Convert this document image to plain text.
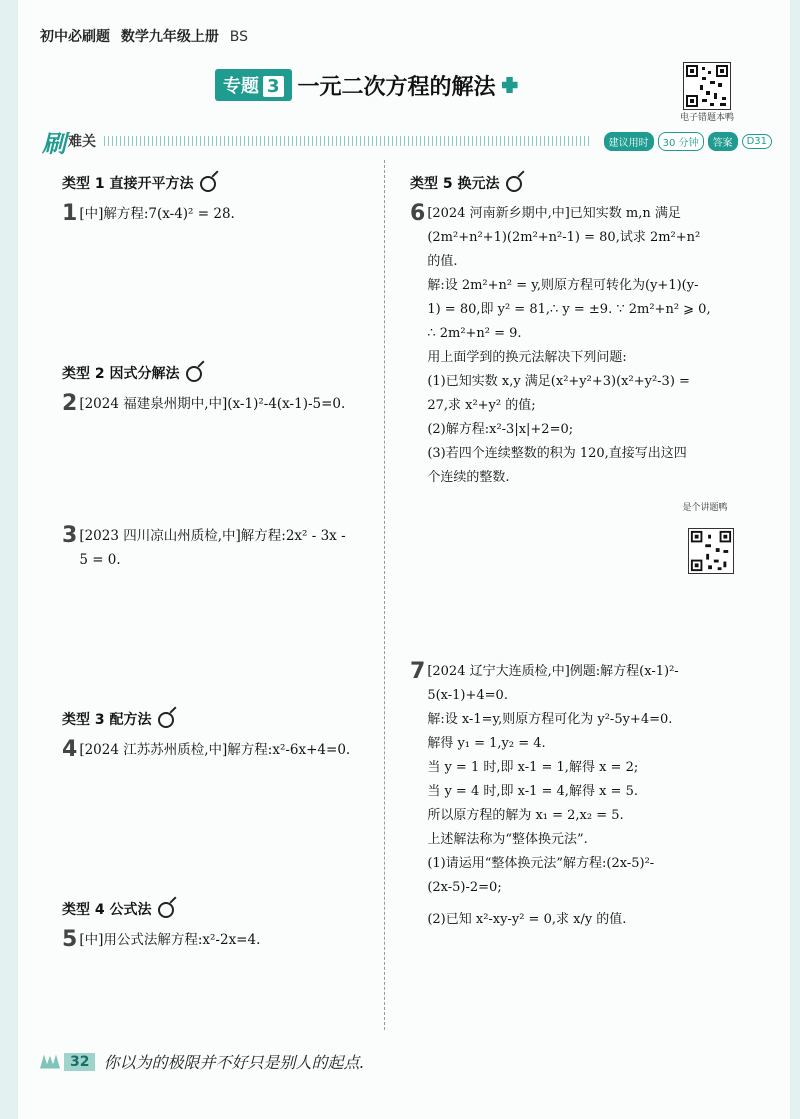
初中必刷题 数学九年级上册 BS
专题 3 一元二次方程的解法
电子错题本鸭
刷 难关	建议用时	30 分钟	答案	D31
类型 1 直接开平方法
1 [中]解方程:7(x-4)² = 28.
类型 2 因式分解法
2 [2024 福建泉州期中,中](x-1)²-4(x-1)-5=0.
3 [2023 四川凉山州质检,中]解方程:2x² - 3x -
5 = 0.
类型 3 配方法
4 [2024 江苏苏州质检,中]解方程:x²-6x+4=0.
类型 4 公式法
5 [中]用公式法解方程:x²-2x=4.
类型 5 换元法
6 [2024 河南新乡期中,中]已知实数 m,n 满足
(2m²+n²+1)(2m²+n²-1) = 80,试求 2m²+n²
的值.
解:设 2m²+n² = y,则原方程可转化为(y+1)(y-
1) = 80,即 y² = 81,∴ y = ±9. ∵ 2m²+n² ⩾ 0,
∴ 2m²+n² = 9.
用上面学到的换元法解决下列问题:
(1)已知实数 x,y 满足(x²+y²+3)(x²+y²-3) =
27,求 x²+y² 的值;
(2)解方程:x²-3|x|+2=0;
(3)若四个连续整数的积为 120,直接写出这四
个连续的整数.
是个讲题鸭
7 [2024 辽宁大连质检,中]例题:解方程(x-1)²-
5(x-1)+4=0.
解:设 x-1=y,则原方程可化为 y²-5y+4=0.
解得 y₁ = 1,y₂ = 4.
当 y = 1 时,即 x-1 = 1,解得 x = 2;
当 y = 4 时,即 x-1 = 4,解得 x = 5.
所以原方程的解为 x₁ = 2,x₂ = 5.
上述解法称为“整体换元法”.
(1)请运用“整体换元法”解方程:(2x-5)²-
(2x-5)-2=0;
(2)已知 x²-xy-y² = 0,求 x/y 的值.
32 你以为的极限并不好只是别人的起点.
